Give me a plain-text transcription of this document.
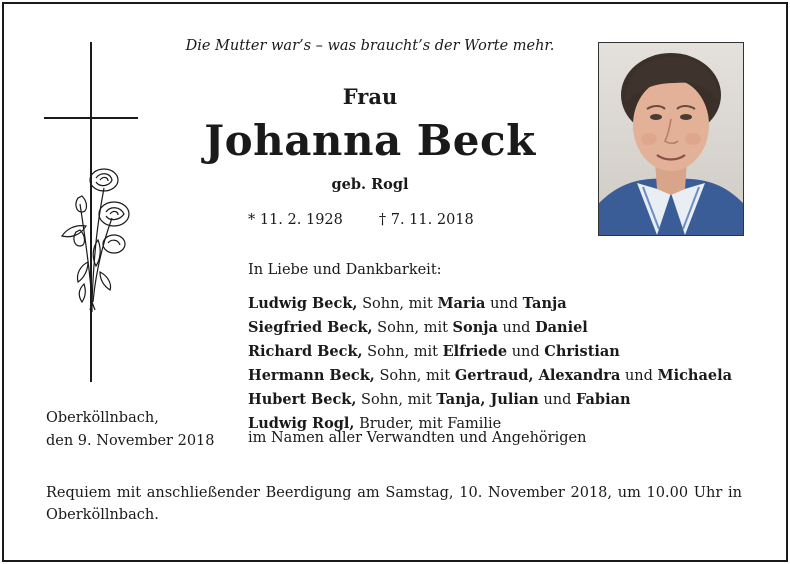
Die Mutter war’s – was braucht’s der Worte mehr.
Frau
Johanna Beck
geb. Rogl
* 11. 2. 1928 † 7. 11. 2018
In Liebe und Dankbarkeit:
Ludwig Beck, Sohn, mit Maria und Tanja
Siegfried Beck, Sohn, mit Sonja und Daniel
Richard Beck, Sohn, mit Elfriede und Christian
Hermann Beck, Sohn, mit Gertraud, Alexandra und Michaela
Hubert Beck, Sohn, mit Tanja, Julian und Fabian
Ludwig Rogl, Bruder, mit Familie
im Namen aller Verwandten und Angehörigen
Oberköllnbach,
den 9. November 2018
Requiem mit anschließender Beerdigung am Samstag, 10. November 2018, um 10.00 Uhr in Oberköllnbach.
